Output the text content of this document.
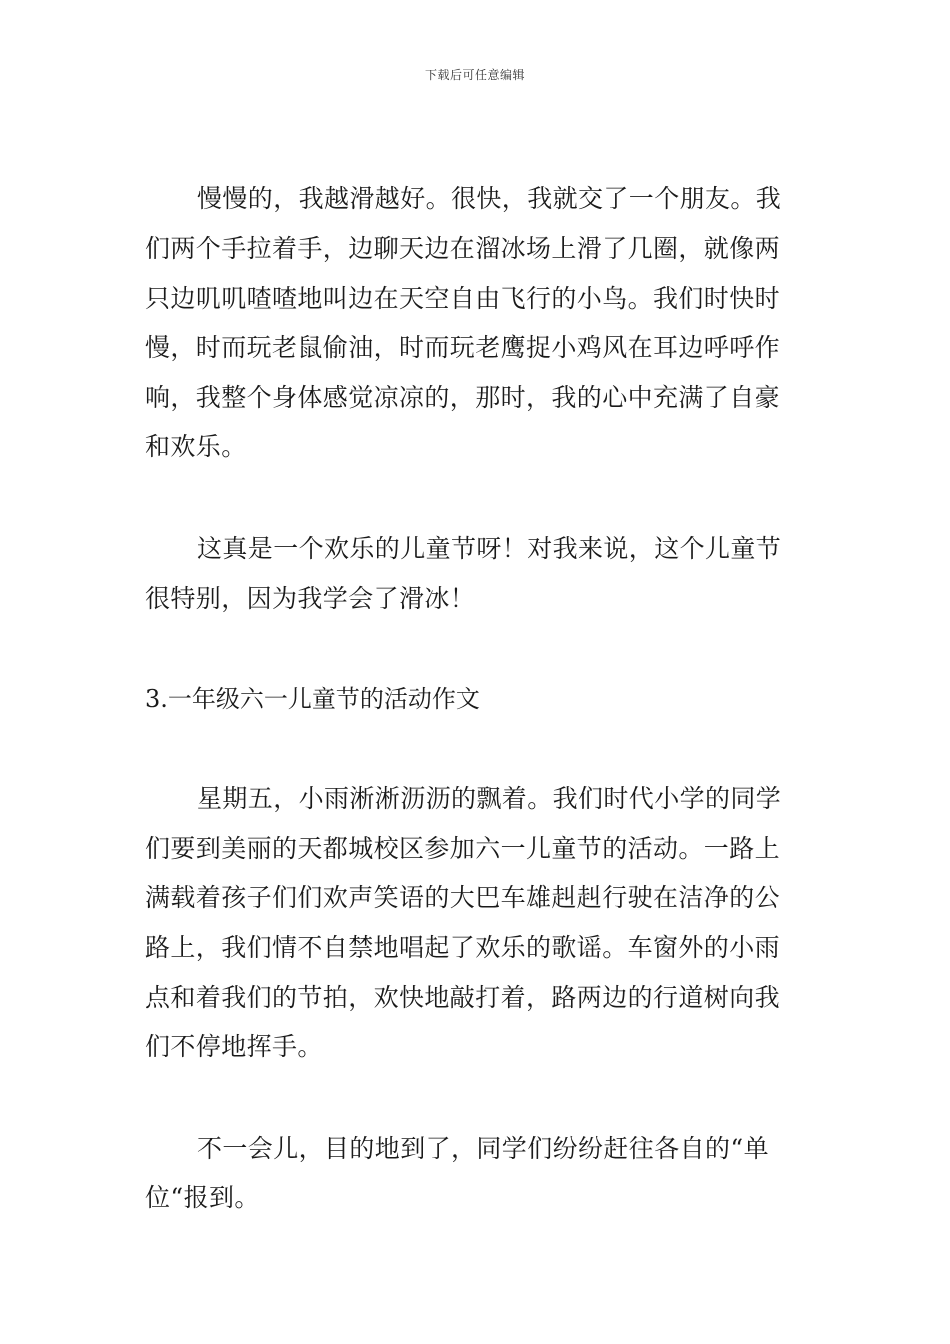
下载后可任意编辑
慢慢的，我越滑越好。很快，我就交了一个朋友。我
们两个手拉着手，边聊天边在溜冰场上滑了几圈，就像两
只边叽叽喳喳地叫边在天空自由飞行的小鸟。我们时快时
慢，时而玩老鼠偷油，时而玩老鹰捉小鸡风在耳边呼呼作
响，我整个身体感觉凉凉的，那时，我的心中充满了自豪
和欢乐。
这真是一个欢乐的儿童节呀！对我来说，这个儿童节
很特别，因为我学会了滑冰！
3.一年级六一儿童节的活动作文
星期五，小雨淅淅沥沥的飘着。我们时代小学的同学
们要到美丽的天都城校区参加六一儿童节的活动。一路上
满载着孩子们们欢声笑语的大巴车雄赳赳行驶在洁净的公
路上，我们情不自禁地唱起了欢乐的歌谣。车窗外的小雨
点和着我们的节拍，欢快地敲打着，路两边的行道树向我
们不停地挥手。
不一会儿，目的地到了，同学们纷纷赶往各自的“单
位“报到。
